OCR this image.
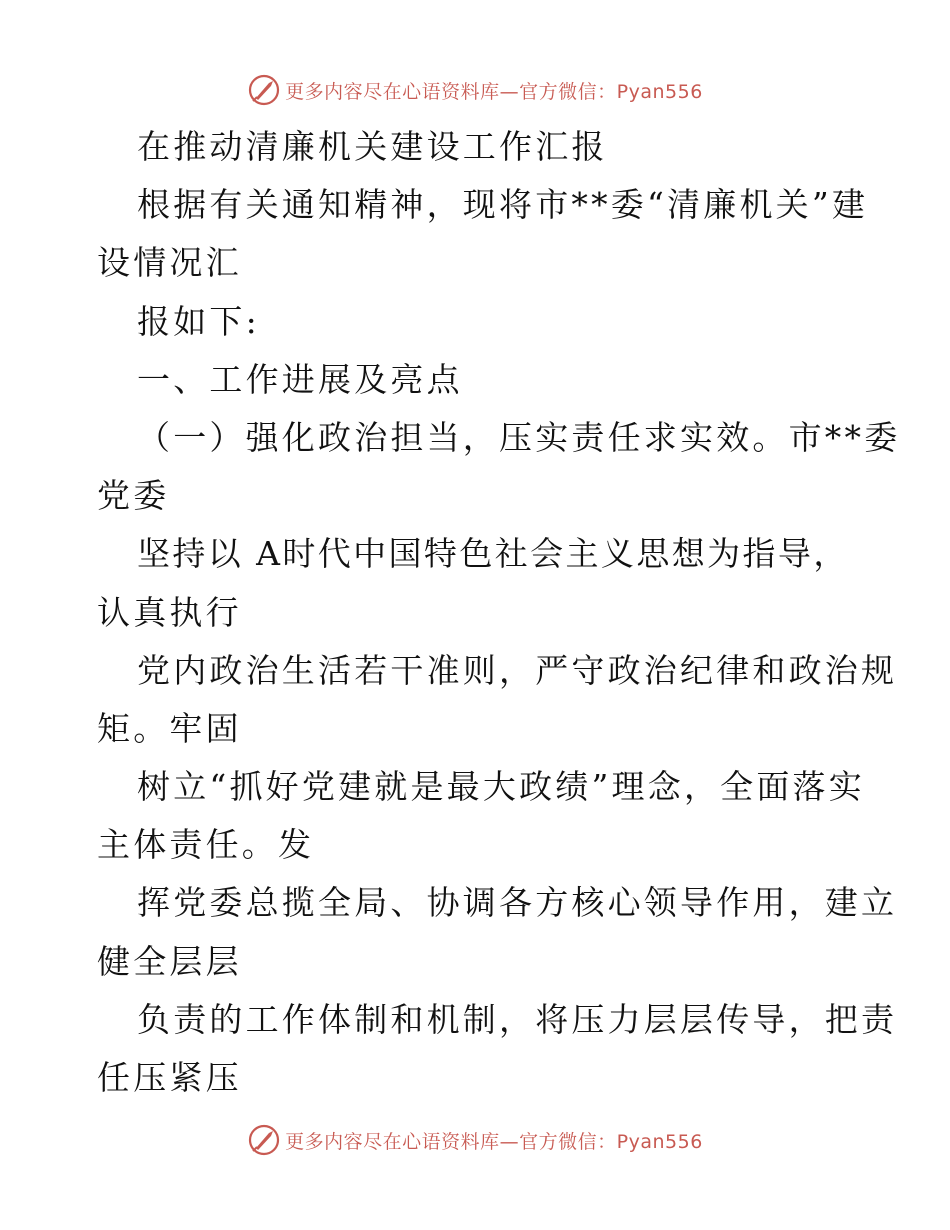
更多内容尽在心语资料库—官方微信：Pyan556
在推动清廉机关建设工作汇报
根据有关通知精神，现将市**委“清廉机关”建
设情况汇
报如下:
一、工作进展及亮点
（一）强化政治担当，压实责任求实效。市**委
党委
坚持以 A时代中国特色社会主义思想为指导，
认真执行
党内政治生活若干准则，严守政治纪律和政治规
矩。牢固
树立“抓好党建就是最大政绩”理念，全面落实
主体责任。发
挥党委总揽全局、协调各方核心领导作用，建立
健全层层
负责的工作体制和机制，将压力层层传导，把责
任压紧压
更多内容尽在心语资料库—官方微信：Pyan556
